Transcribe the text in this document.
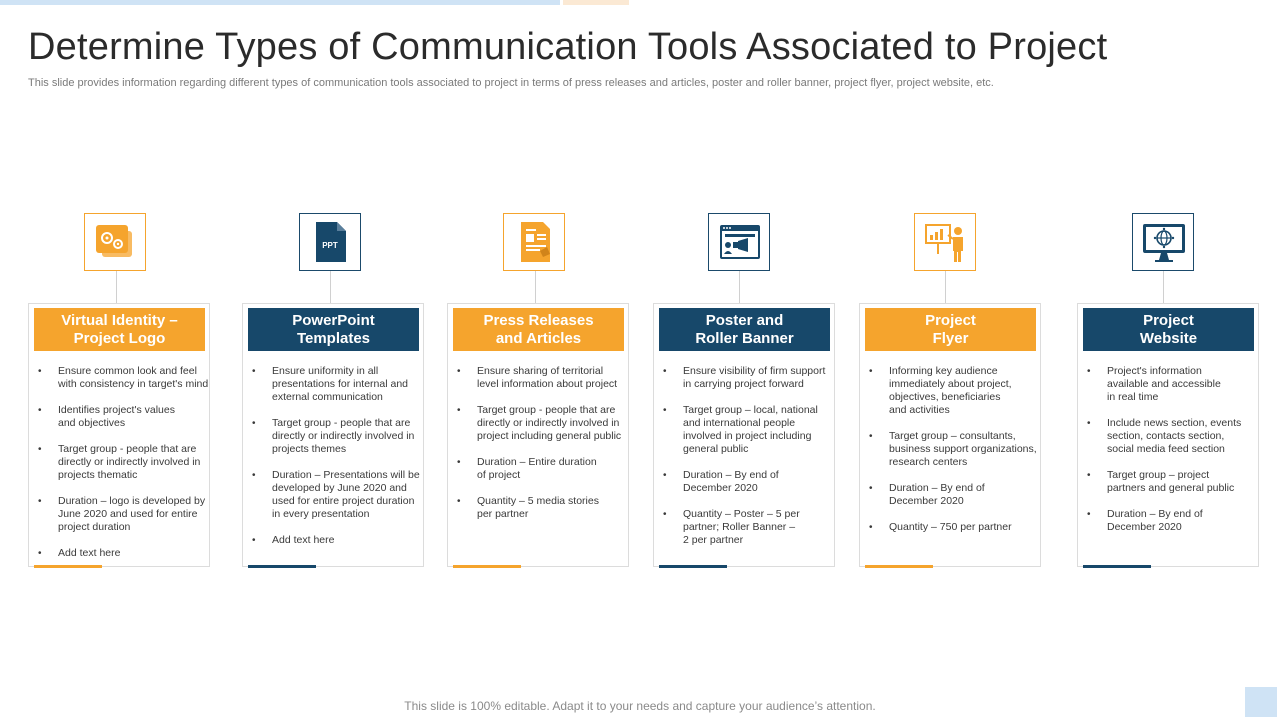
Determine Types of Communication Tools Associated to Project
This slide provides information regarding different types of communication tools associated to project in terms of press releases and articles, poster and roller banner, project flyer, project website, etc.
Virtual Identity –
Project Logo
• Ensure common look and feel
with consistency in target's mind
• Identifies project's values
and objectives
• Target group - people that are
directly or indirectly involved in
projects thematic
• Duration – logo is developed by
June 2020 and used for entire
project duration
• Add text here
PPT
PowerPoint
Templates
• Ensure uniformity in all
presentations for internal and
external communication
• Target group - people that are
directly or indirectly involved in
projects themes
• Duration – Presentations will be
developed by June 2020 and
used for entire project duration
in every presentation
• Add text here
Press Releases
and Articles
• Ensure sharing of territorial
level information about project
• Target group - people that are
directly or indirectly involved in
project including general public
• Duration – Entire duration
of project
• Quantity – 5 media stories
per partner
Poster and
Roller Banner
• Ensure visibility of firm support
in carrying project forward
• Target group – local, national
and international people
involved in project including
general public
• Duration – By end of
December 2020
• Quantity – Poster – 5 per
partner; Roller Banner –
2 per partner
Project
Flyer
• Informing key audience
immediately about project,
objectives, beneficiaries
and activities
• Target group – consultants,
business support organizations,
research centers
• Duration – By end of
December 2020
• Quantity – 750 per partner
Project
Website
• Project's information
available and accessible
in real time
• Include news section, events
section, contacts section,
social media feed section
• Target group – project
partners and general public
• Duration – By end of
December 2020
This slide is 100% editable. Adapt it to your needs and capture your audience’s attention.
